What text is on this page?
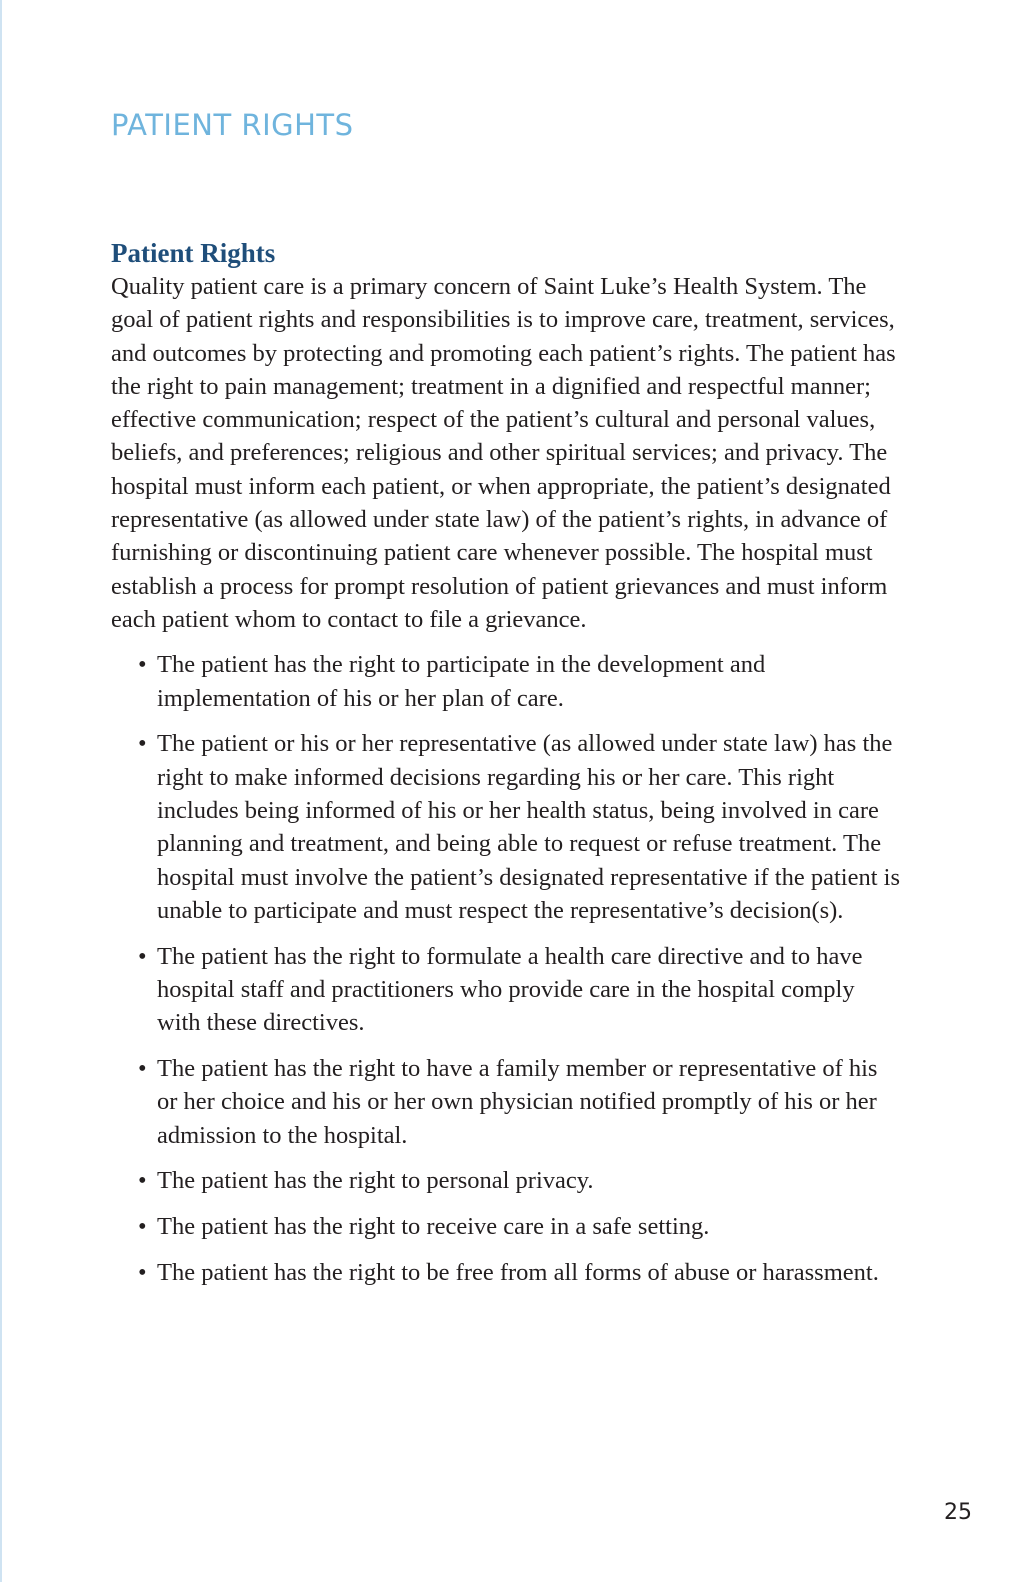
PATIENT RIGHTS
Patient Rights

Quality patient care is a primary concern of Saint Luke’s Health System. The goal of patient rights and responsibilities is to improve care, treatment, services, and outcomes by protecting and promoting each patient’s rights. The patient has the right to pain management; treatment in a dignified and respectful manner; effective communication; respect of the patient’s cultural and personal values, beliefs, and preferences; religious and other spiritual services; and privacy. The hospital must inform each patient, or when appropriate, the patient’s designated representative (as allowed under state law) of the patient’s rights, in advance of furnishing or discontinuing patient care whenever possible. The hospital must establish a process for prompt resolution of patient grievances and must inform each patient whom to contact to file a grievance.

• The patient has the right to participate in the development and implementation of his or her plan of care.
• The patient or his or her representative (as allowed under state law) has the right to make informed decisions regarding his or her care. This right includes being informed of his or her health status, being involved in care planning and treatment, and being able to request or refuse treatment. The hospital must involve the patient’s designated representative if the patient is unable to participate and must respect the representative’s decision(s).
• The patient has the right to formulate a health care directive and to have hospital staff and practitioners who provide care in the hospital comply with these directives.
• The patient has the right to have a family member or representative of his or her choice and his or her own physician notified promptly of his or her admission to the hospital.
• The patient has the right to personal privacy.
• The patient has the right to receive care in a safe setting.
• The patient has the right to be free from all forms of abuse or harassment.
25
